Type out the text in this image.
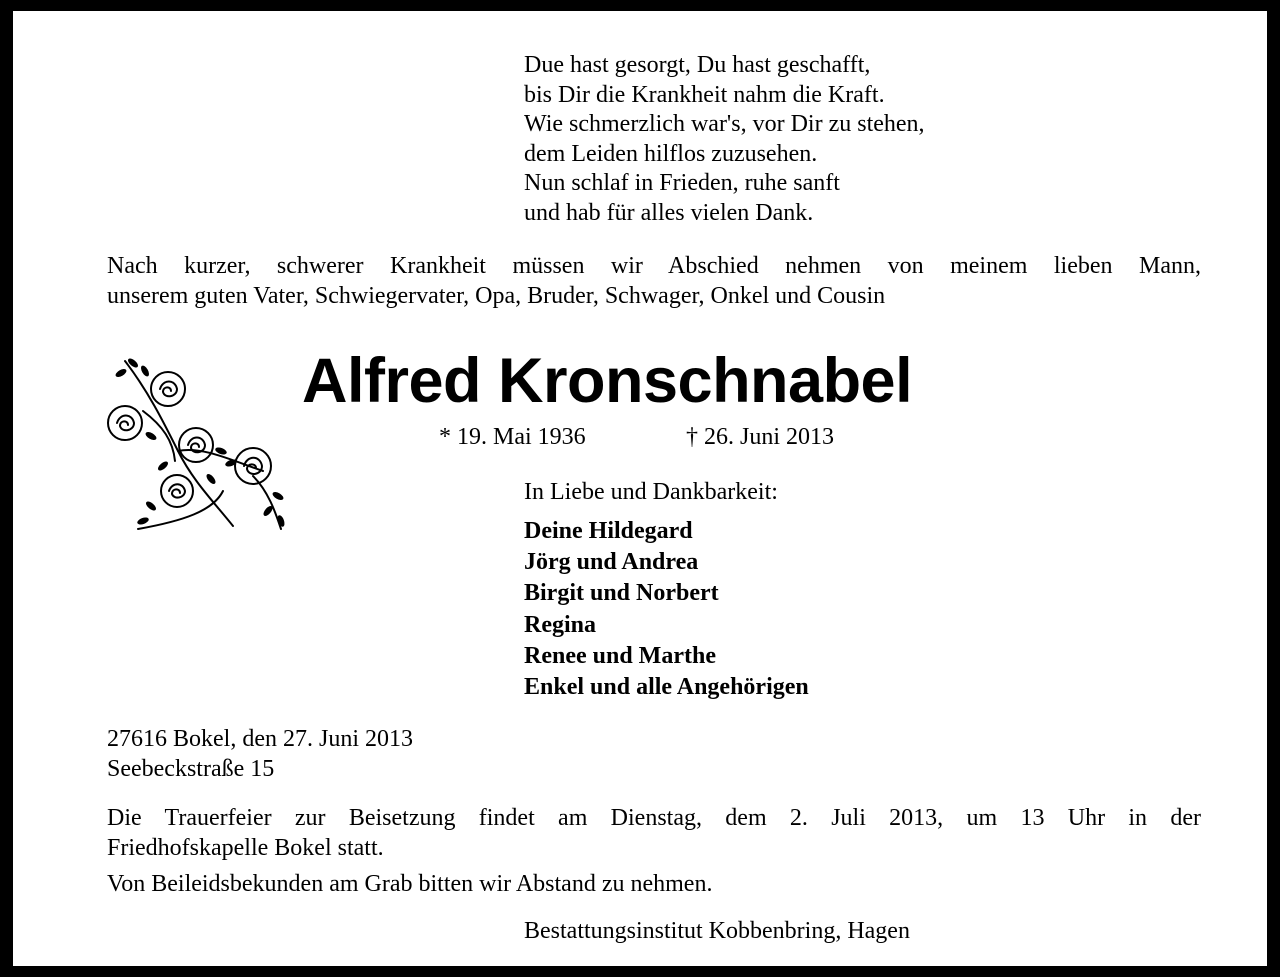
Due hast gesorgt, Du hast geschafft,
bis Dir die Krankheit nahm die Kraft.
Wie schmerzlich war's, vor Dir zu stehen,
dem Leiden hilflos zuzusehen.
Nun schlaf in Frieden, ruhe sanft
und hab für alles vielen Dank.
Nach kurzer, schwerer Krankheit müssen wir Abschied nehmen von meinem lieben Mann,
unserem guten Vater, Schwiegervater, Opa, Bruder, Schwager, Onkel und Cousin
Alfred Kronschnabel
* 19. Mai 1936	† 26. Juni 2013
In Liebe und Dankbarkeit:
Deine Hildegard
Jörg und Andrea
Birgit und Norbert
Regina
Renee und Marthe
Enkel und alle Angehörigen
27616 Bokel, den 27. Juni 2013
Seebeckstraße 15
Die Trauerfeier zur Beisetzung findet am Dienstag, dem 2. Juli 2013, um 13 Uhr in der
Friedhofskapelle Bokel statt.
Von Beileidsbekunden am Grab bitten wir Abstand zu nehmen.
Bestattungsinstitut Kobbenbring, Hagen
